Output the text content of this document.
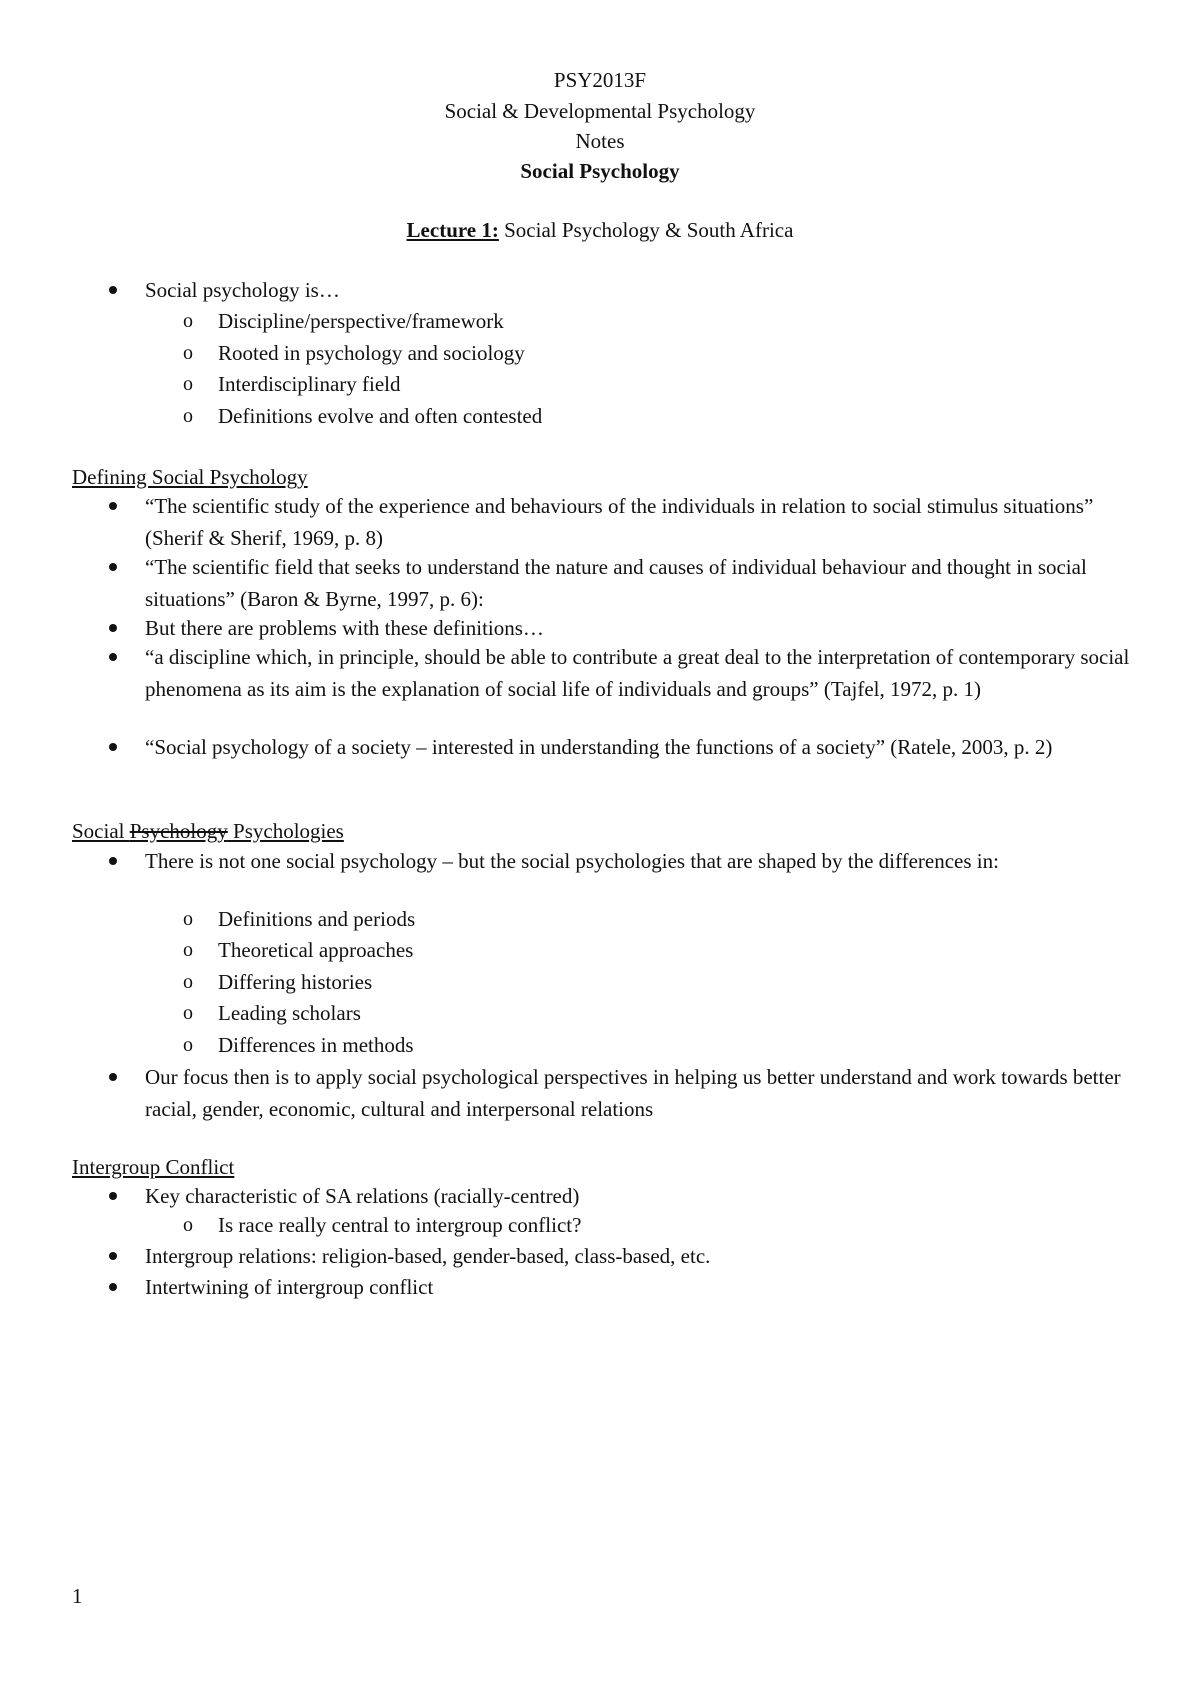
PSY2013F
Social & Developmental Psychology
Notes
Social Psychology
Lecture 1: Social Psychology & South Africa
Social psychology is…
o	Discipline/perspective/framework
o	Rooted in psychology and sociology
o	Interdisciplinary field
o	Definitions evolve and often contested
Defining Social Psychology
“The scientific study of the experience and behaviours of the individuals in relation to social stimulus situations” (Sherif & Sherif, 1969, p. 8)
“The scientific field that seeks to understand the nature and causes of individual behaviour and thought in social situations” (Baron & Byrne, 1997, p. 6):
But there are problems with these definitions…
“a discipline which, in principle, should be able to contribute a great deal to the interpretation of contemporary social phenomena as its aim is the explanation of social life of individuals and groups” (Tajfel, 1972, p. 1)
“Social psychology of a society – interested in understanding the functions of a society” (Ratele, 2003, p. 2)
Social Psychology Psychologies
There is not one social psychology – but the social psychologies that are shaped by the differences in:
o	Definitions and periods
o	Theoretical approaches
o	Differing histories
o	Leading scholars
o	Differences in methods
Our focus then is to apply social psychological perspectives in helping us better understand and work towards better racial, gender, economic, cultural and interpersonal relations
Intergroup Conflict
Key characteristic of SA relations (racially-centred)
o	Is race really central to intergroup conflict?
Intergroup relations: religion-based, gender-based, class-based, etc.
Intertwining of intergroup conflict
1
